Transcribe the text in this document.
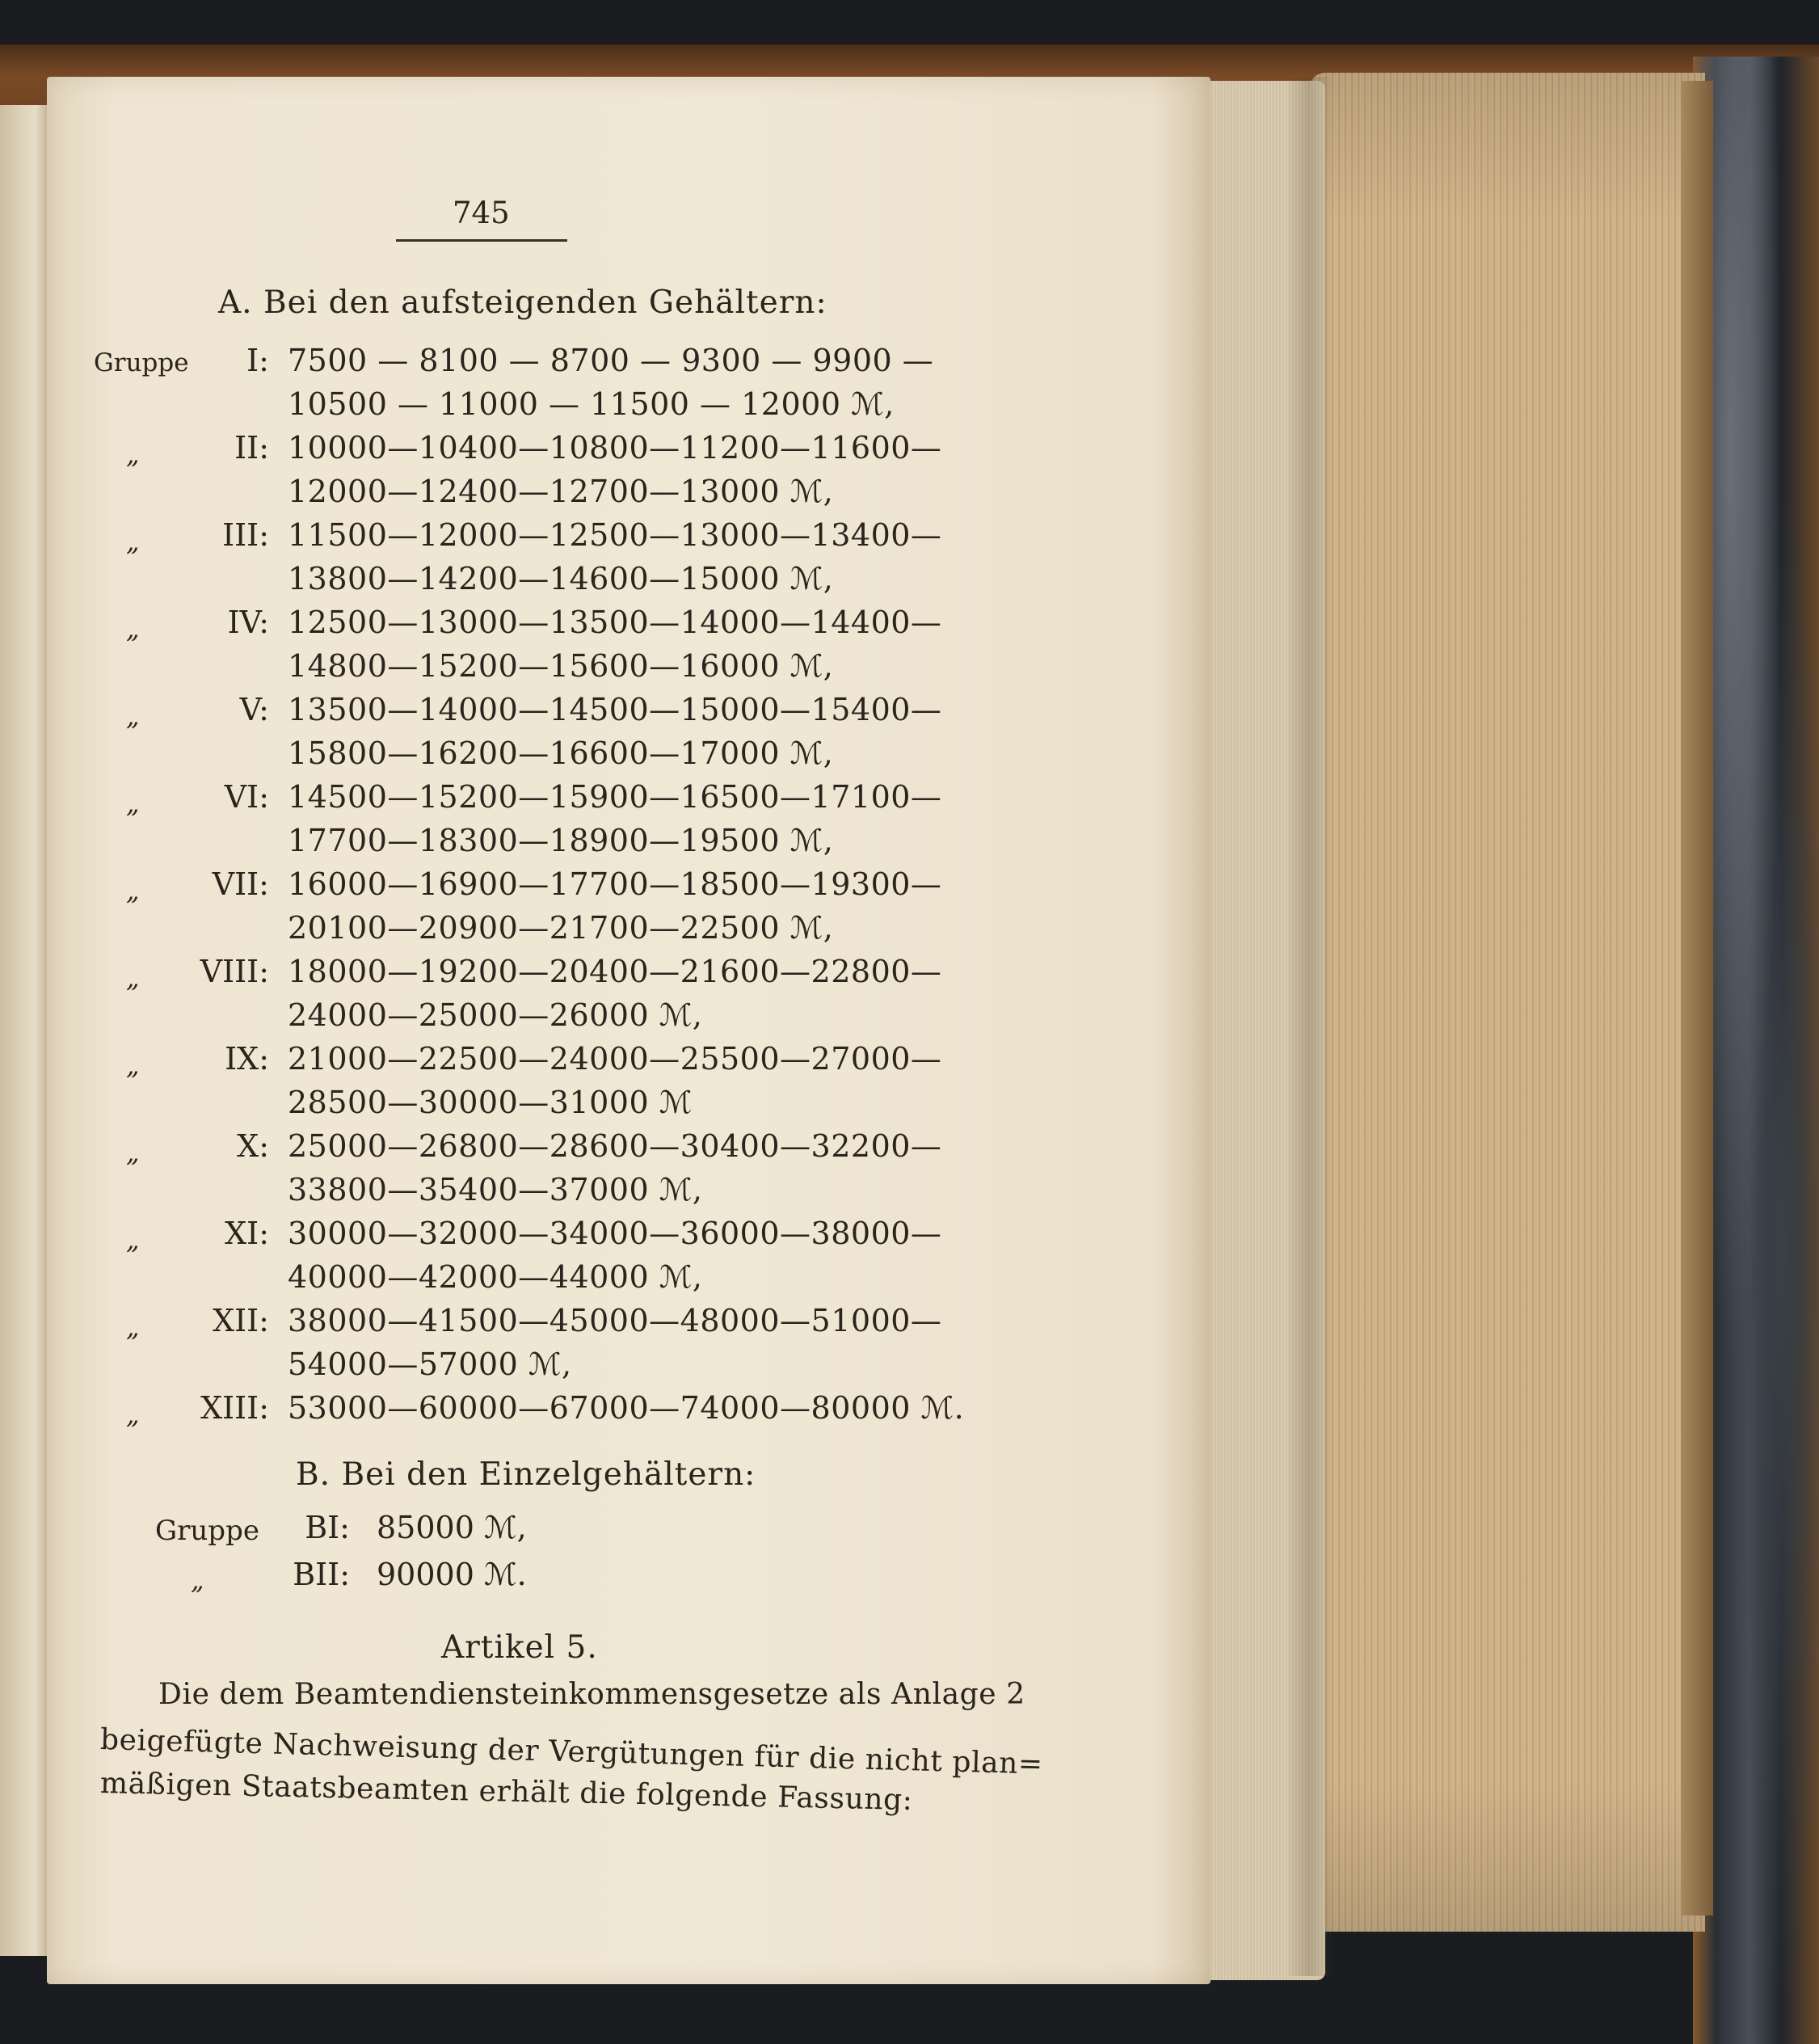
745
A. Bei den aufsteigenden Gehältern:
Gruppe I: 7500 — 8100 — 8700 — 9300 — 9900 —
10500 — 11000 — 11500 — 12000 ℳ,
„	II: 10000—10400—10800—11200—11600—
12000—12400—12700—13000 ℳ,
„	III: 11500—12000—12500—13000—13400—
13800—14200—14600—15000 ℳ,
„	IV: 12500—13000—13500—14000—14400—
14800—15200—15600—16000 ℳ,
„	V: 13500—14000—14500—15000—15400—
15800—16200—16600—17000 ℳ,
„	VI: 14500—15200—15900—16500—17100—
17700—18300—18900—19500 ℳ,
„ VII: 16000—16900—17700—18500—19300—
20100—20900—21700—22500 ℳ,
„ VIII: 18000—19200—20400—21600—22800—
24000—25000—26000 ℳ,
„	IX: 21000—22500—24000—25500—27000—
28500—30000—31000 ℳ
„	X: 25000—26800—28600—30400—32200—
33800—35400—37000 ℳ,
„	XI: 30000—32000—34000—36000—38000—
40000—42000—44000 ℳ,
„ XII: 38000—41500—45000—48000—51000—
54000—57000 ℳ,
„ XIII: 53000—60000—67000—74000—80000 ℳ.
B. Bei den Einzelgehältern:
Gruppe BI: 85000 ℳ,
„	BII: 90000 ℳ.
Artikel 5.
Die dem Beamtendiensteinkommensgesetze als Anlage 2
beigefügte Nachweisung der Vergütungen für die nicht plan=
mäßigen Staatsbeamten erhält die folgende Fassung:
